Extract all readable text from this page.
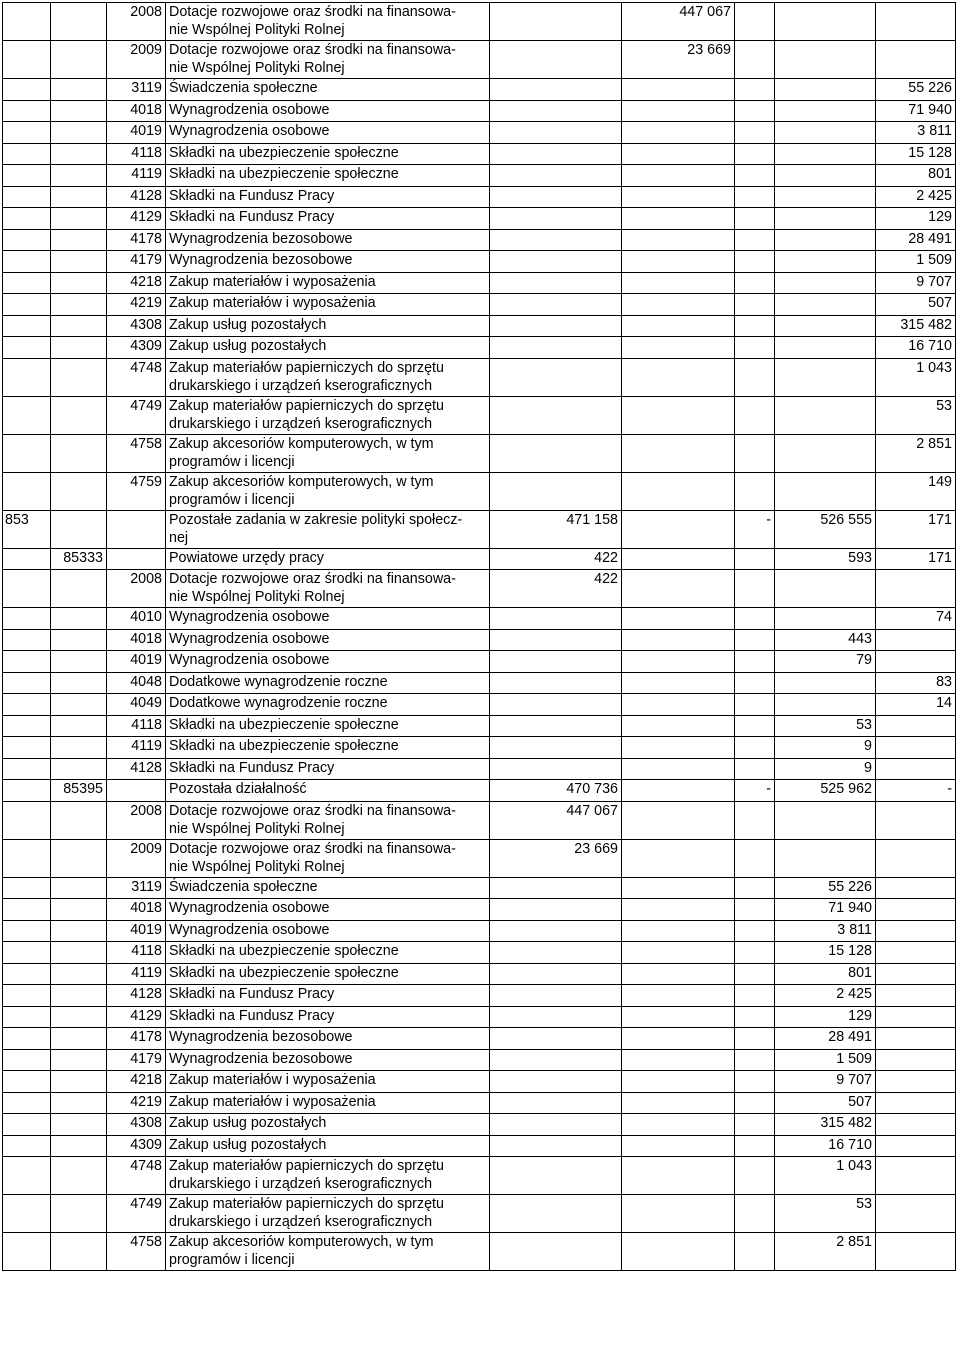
		2008	Dotacje rozwojowe oraz środki na finansowa-
nie Wspólnej Polityki Rolnej		447 067			
		2009	Dotacje rozwojowe oraz środki na finansowa-
nie Wspólnej Polityki Rolnej		23 669			
		3119	Świadczenia społeczne					55 226
		4018	Wynagrodzenia osobowe					71 940
		4019	Wynagrodzenia osobowe					3 811
		4118	Składki na ubezpieczenie społeczne					15 128
		4119	Składki na ubezpieczenie społeczne					801
		4128	Składki na Fundusz Pracy					2 425
		4129	Składki na Fundusz Pracy					129
		4178	Wynagrodzenia bezosobowe					28 491
		4179	Wynagrodzenia bezosobowe					1 509
		4218	Zakup materiałów i wyposażenia					9 707
		4219	Zakup materiałów i wyposażenia					507
		4308	Zakup usług pozostałych					315 482
		4309	Zakup usług pozostałych					16 710
		4748	Zakup materiałów papierniczych do sprzętu
drukarskiego i urządzeń kserograficznych					1 043
		4749	Zakup materiałów papierniczych do sprzętu
drukarskiego i urządzeń kserograficznych					53
		4758	Zakup akcesoriów komputerowych, w tym
programów i licencji					2 851
		4759	Zakup akcesoriów komputerowych, w tym
programów i licencji					149
853			Pozostałe zadania w zakresie polityki społecz-
nej	471 158		-	526 555	171
	85333		Powiatowe urzędy pracy	422			593	171
		2008	Dotacje rozwojowe oraz środki na finansowa-
nie Wspólnej Polityki Rolnej	422				
		4010	Wynagrodzenia osobowe					74
		4018	Wynagrodzenia osobowe				443	
		4019	Wynagrodzenia osobowe				79	
		4048	Dodatkowe wynagrodzenie roczne					83
		4049	Dodatkowe wynagrodzenie roczne					14
		4118	Składki na ubezpieczenie społeczne				53	
		4119	Składki na ubezpieczenie społeczne				9	
		4128	Składki na Fundusz Pracy				9	
	85395		Pozostała działalność	470 736		-	525 962	-
		2008	Dotacje rozwojowe oraz środki na finansowa-
nie Wspólnej Polityki Rolnej	447 067				
		2009	Dotacje rozwojowe oraz środki na finansowa-
nie Wspólnej Polityki Rolnej	23 669				
		3119	Świadczenia społeczne				55 226	
		4018	Wynagrodzenia osobowe				71 940	
		4019	Wynagrodzenia osobowe				3 811	
		4118	Składki na ubezpieczenie społeczne				15 128	
		4119	Składki na ubezpieczenie społeczne				801	
		4128	Składki na Fundusz Pracy				2 425	
		4129	Składki na Fundusz Pracy				129	
		4178	Wynagrodzenia bezosobowe				28 491	
		4179	Wynagrodzenia bezosobowe				1 509	
		4218	Zakup materiałów i wyposażenia				9 707	
		4219	Zakup materiałów i wyposażenia				507	
		4308	Zakup usług pozostałych				315 482	
		4309	Zakup usług pozostałych				16 710	
		4748	Zakup materiałów papierniczych do sprzętu
drukarskiego i urządzeń kserograficznych				1 043	
		4749	Zakup materiałów papierniczych do sprzętu
drukarskiego i urządzeń kserograficznych				53	
		4758	Zakup akcesoriów komputerowych, w tym
programów i licencji				2 851	
